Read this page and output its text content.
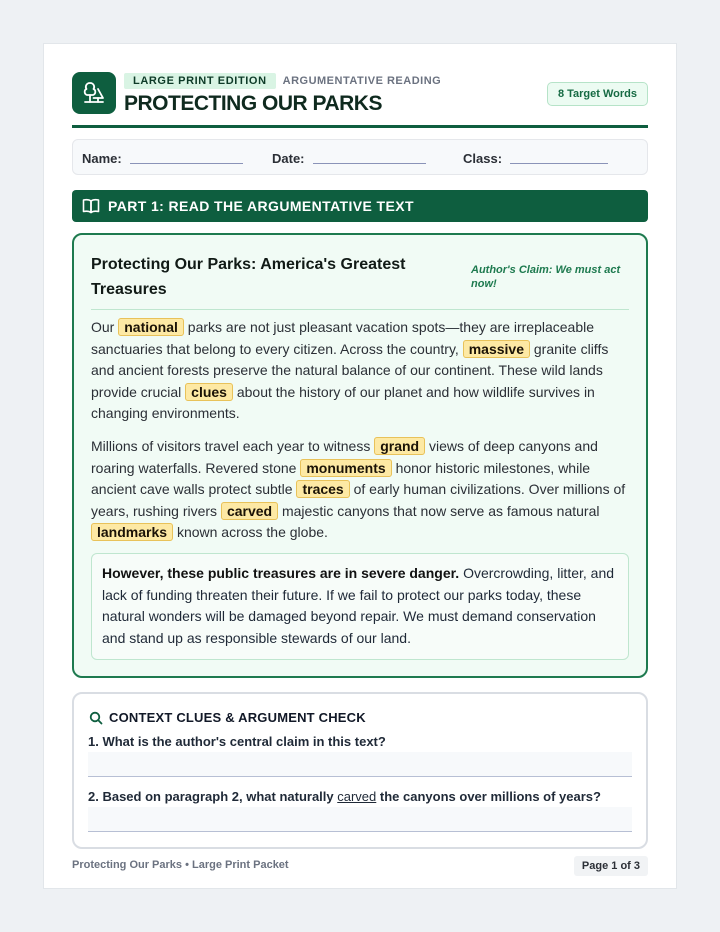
LARGE PRINT EDITION	ARGUMENTATIVE READING
PROTECTING OUR PARKS	8 Target Words
Name:	Date:	Class:
PART 1: READ THE ARGUMENTATIVE TEXT
Protecting Our Parks: America's Greatest Treasures
Author's Claim: We must act now!

Our national parks are not just pleasant vacation spots—they are irreplaceable sanctuaries that belong to every citizen. Across the country, massive granite cliffs and ancient forests preserve the natural balance of our continent. These wild lands provide crucial clues about the history of our planet and how wildlife survives in changing environments.

Millions of visitors travel each year to witness grand views of deep canyons and roaring waterfalls. Revered stone monuments honor historic milestones, while ancient cave walls protect subtle traces of early human civilizations. Over millions of years, rushing rivers carved majestic canyons that now serve as famous natural landmarks known across the globe.

However, these public treasures are in severe danger. Overcrowding, litter, and lack of funding threaten their future. If we fail to protect our parks today, these natural wonders will be damaged beyond repair. We must demand conservation and stand up as responsible stewards of our land.
CONTEXT CLUES & ARGUMENT CHECK
1. What is the author's central claim in this text?
2. Based on paragraph 2, what naturally carved the canyons over millions of years?
Protecting Our Parks • Large Print Packet	Page 1 of 3
